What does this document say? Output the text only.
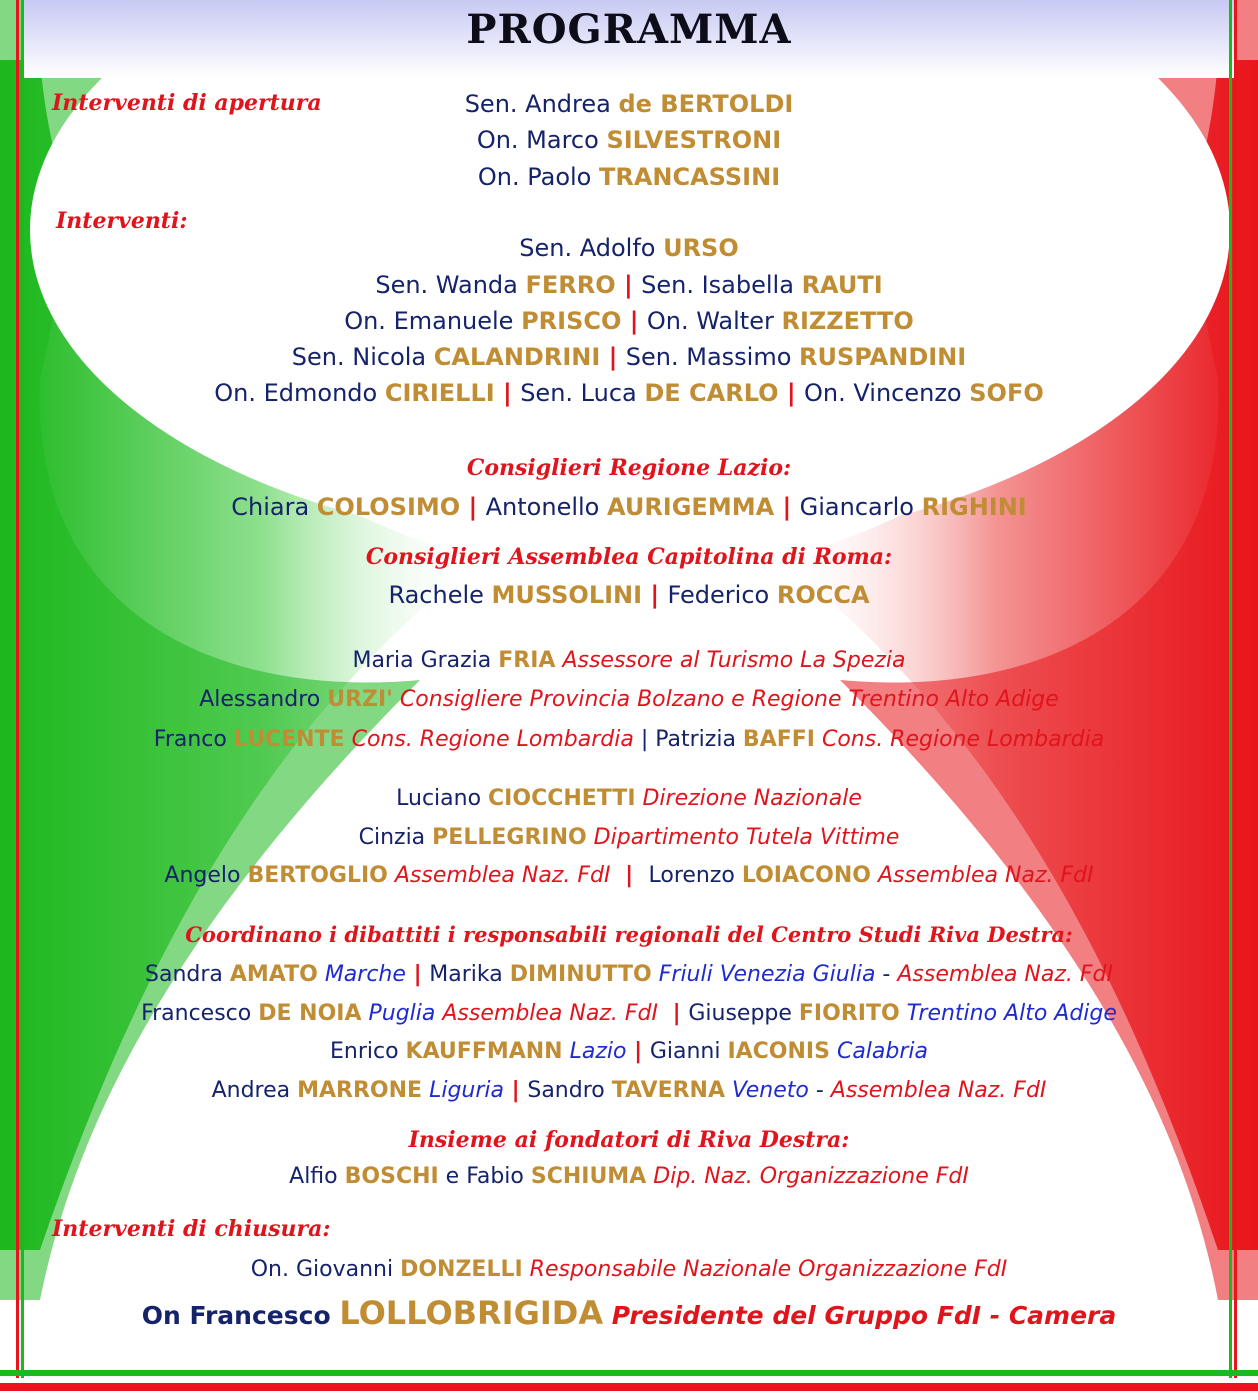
PROGRAMMA
Interventi di apertura
Interventi:
Consiglieri Regione Lazio:
Consiglieri Assemblea Capitolina di Roma:
Coordinano i dibattiti i responsabili regionali del Centro Studi Riva Destra:
Insieme ai fondatori di Riva Destra:
Interventi di chiusura:
Sen. Andrea de BERTOLDI
On. Marco SILVESTRONI
On. Paolo TRANCASSINI
Sen. Adolfo URSO
Sen. Wanda FERRO | Sen. Isabella RAUTI
On. Emanuele PRISCO | On. Walter RIZZETTO
Sen. Nicola CALANDRINI | Sen. Massimo RUSPANDINI
On. Edmondo CIRIELLI | Sen. Luca DE CARLO | On. Vincenzo SOFO
Chiara COLOSIMO | Antonello AURIGEMMA | Giancarlo RIGHINI
Rachele MUSSOLINI | Federico ROCCA
Maria Grazia FRIA Assessore al Turismo La Spezia
Alessandro URZI' Consigliere Provincia Bolzano e Regione Trentino Alto Adige
Franco LUCENTE Cons. Regione Lombardia | Patrizia BAFFI Cons. Regione Lombardia
Luciano CIOCCHETTI Direzione Nazionale
Cinzia PELLEGRINO Dipartimento Tutela Vittime
Angelo BERTOGLIO Assemblea Naz. FdI  |  Lorenzo LOIACONO Assemblea Naz. FdI
Sandra AMATO Marche | Marika DIMINUTTO Friuli Venezia Giulia - Assemblea Naz. FdI
Francesco DE NOIA Puglia Assemblea Naz. FdI  | Giuseppe FIORITO Trentino Alto Adige
Enrico KAUFFMANN Lazio | Gianni IACONIS Calabria
Andrea MARRONE Liguria | Sandro TAVERNA Veneto - Assemblea Naz. FdI
Alfio BOSCHI e Fabio SCHIUMA Dip. Naz. Organizzazione FdI
On. Giovanni DONZELLI Responsabile Nazionale Organizzazione FdI
On Francesco LOLLOBRIGIDA Presidente del Gruppo FdI - Camera
